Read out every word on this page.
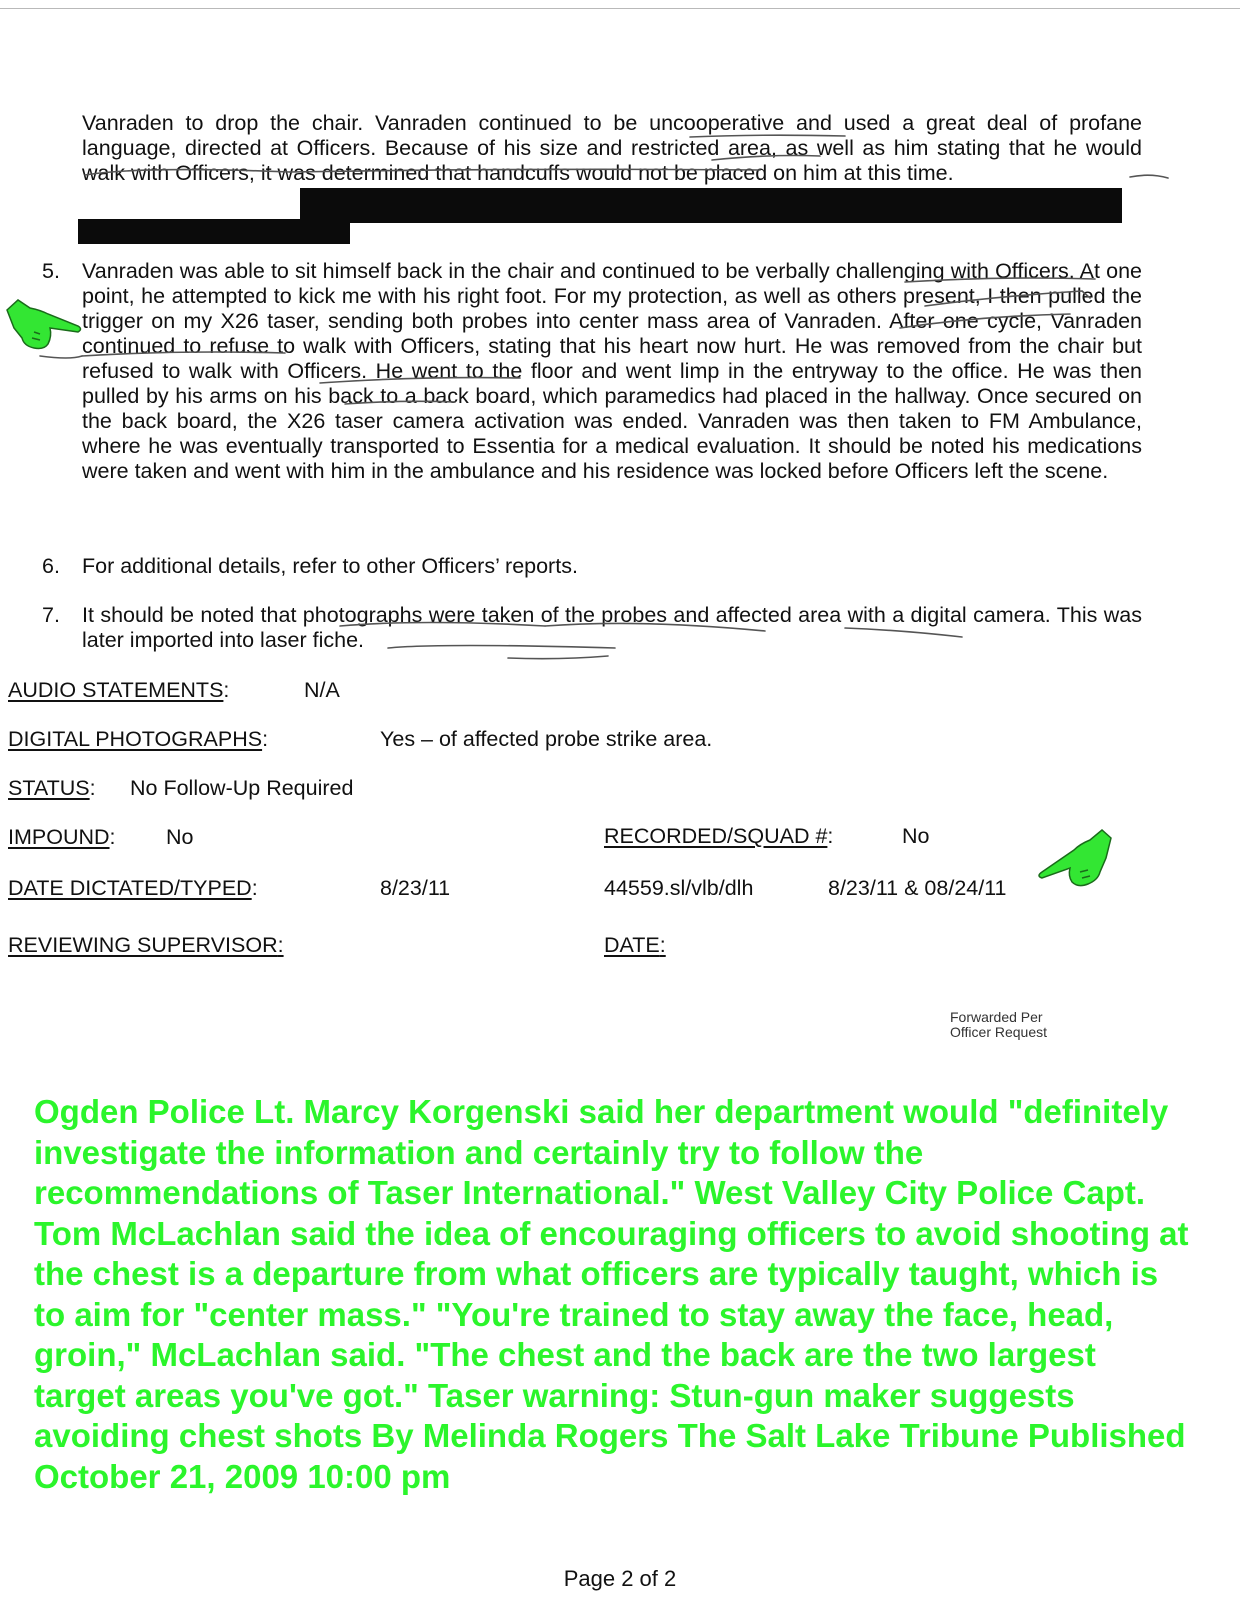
Vanraden to drop the chair. Vanraden continued to be uncooperative and used a great deal of profane language, directed at Officers. Because of his size and restricted area, as well as him stating that he would walk with Officers, it was determined that handcuffs would not be placed on him at this time.

5. Vanraden was able to sit himself back in the chair and continued to be verbally challenging with Officers. At one point, he attempted to kick me with his right foot. For my protection, as well as others present, I then pulled the trigger on my X26 taser, sending both probes into center mass area of Vanraden. After one cycle, Vanraden continued to refuse to walk with Officers, stating that his heart now hurt. He was removed from the chair but refused to walk with Officers. He went to the floor and went limp in the entryway to the office. He was then pulled by his arms on his back to a back board, which paramedics had placed in the hallway. Once secured on the back board, the X26 taser camera activation was ended. Vanraden was then taken to FM Ambulance, where he was eventually transported to Essentia for a medical evaluation. It should be noted his medications were taken and went with him in the ambulance and his residence was locked before Officers left the scene.

6. For additional details, refer to other Officers’ reports.

7. It should be noted that photographs were taken of the probes and affected area with a digital camera. This was later imported into laser fiche.

AUDIO STATEMENTS:	N/A
DIGITAL PHOTOGRAPHS:	Yes – of affected probe strike area.
STATUS: No Follow-Up Required
IMPOUND: No	RECORDED/SQUAD #:	No
DATE DICTATED/TYPED:	8/23/11	44559.sl/vlb/dlh	8/23/11 & 08/24/11
REVIEWING SUPERVISOR:	DATE:
Forwarded Per
Officer Request

Ogden Police Lt. Marcy Korgenski said her department would "definitely investigate the information and certainly try to follow the recommendations of Taser International." West Valley City Police Capt. Tom McLachlan said the idea of encouraging officers to avoid shooting at the chest is a departure from what officers are typically taught, which is to aim for "center mass." "You're trained to stay away the face, head, groin," McLachlan said. "The chest and the back are the two largest target areas you've got." Taser warning: Stun-gun maker suggests avoiding chest shots By Melinda Rogers The Salt Lake Tribune Published October 21, 2009 10:00 pm

Page 2 of 2
